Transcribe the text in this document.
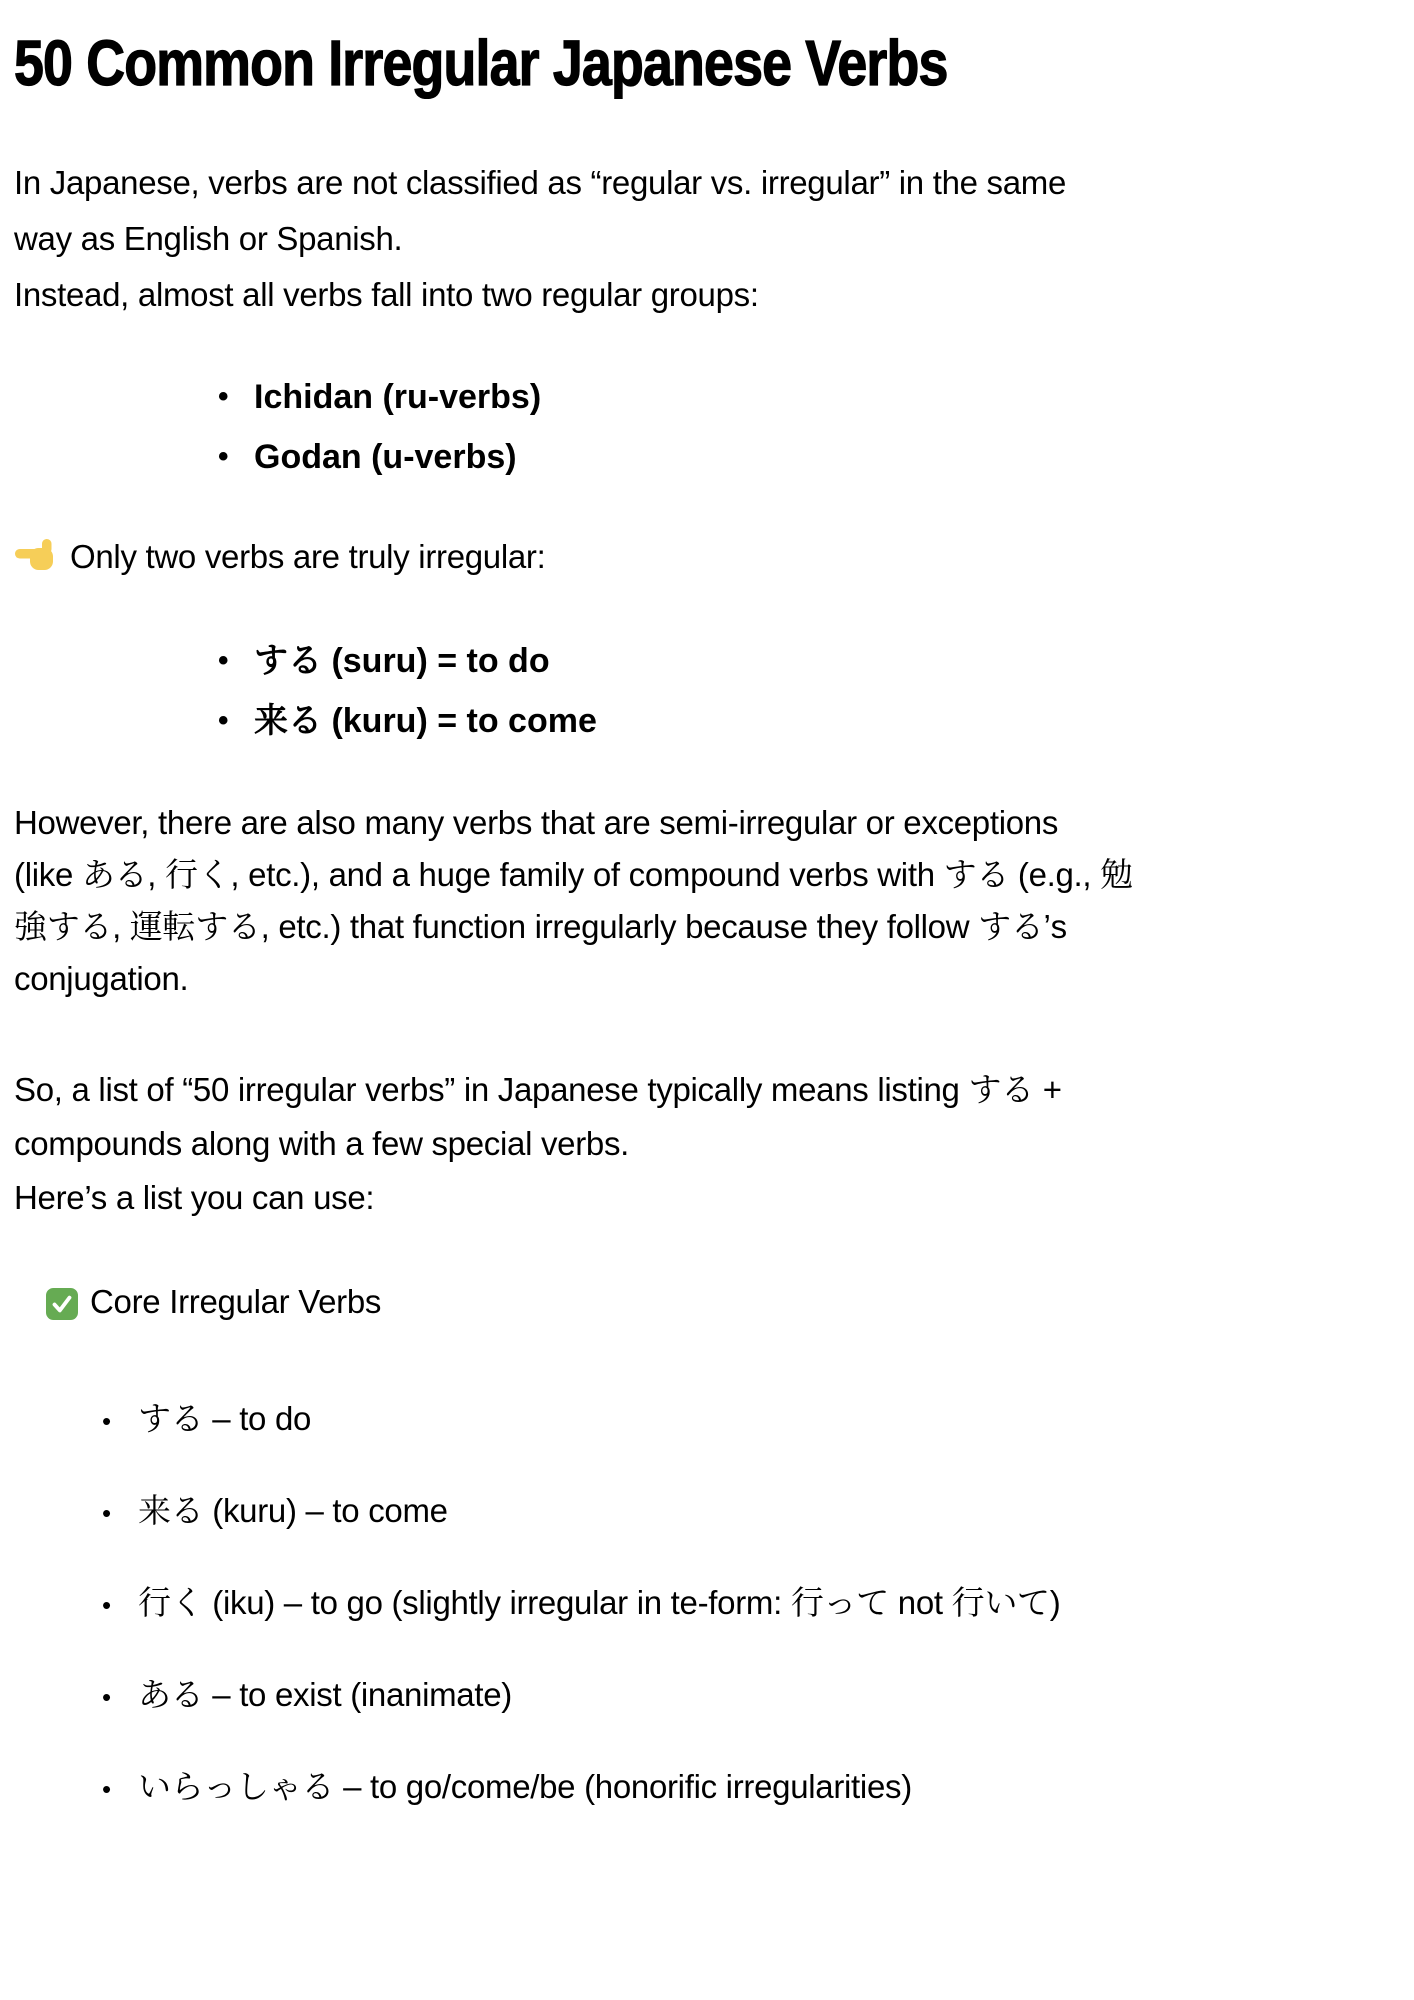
50 Common Irregular Japanese Verbs

In Japanese, verbs are not classified as “regular vs. irregular” in the same
way as English or Spanish.

Instead, almost all verbs fall into two regular groups:

• Ichidan (ru-verbs)
• Godan (u-verbs)

Only two verbs are truly irregular:

• する (suru) = to do
• 来る (kuru) = to come

However, there are also many verbs that are semi-irregular or exceptions
(like ある, 行く, etc.), and a huge family of compound verbs with する (e.g., 勉
強する, 運転する, etc.) that function irregularly because they follow する’s
conjugation.

So, a list of “50 irregular verbs” in Japanese typically means listing する +
compounds along with a few special verbs.
Here’s a list you can use:

Core Irregular Verbs
• する – to do
• 来る (kuru) – to come
• 行く (iku) – to go (slightly irregular in te-form: 行って not 行いて)
• ある – to exist (inanimate)
• いらっしゃる – to go/come/be (honorific irregularities)
